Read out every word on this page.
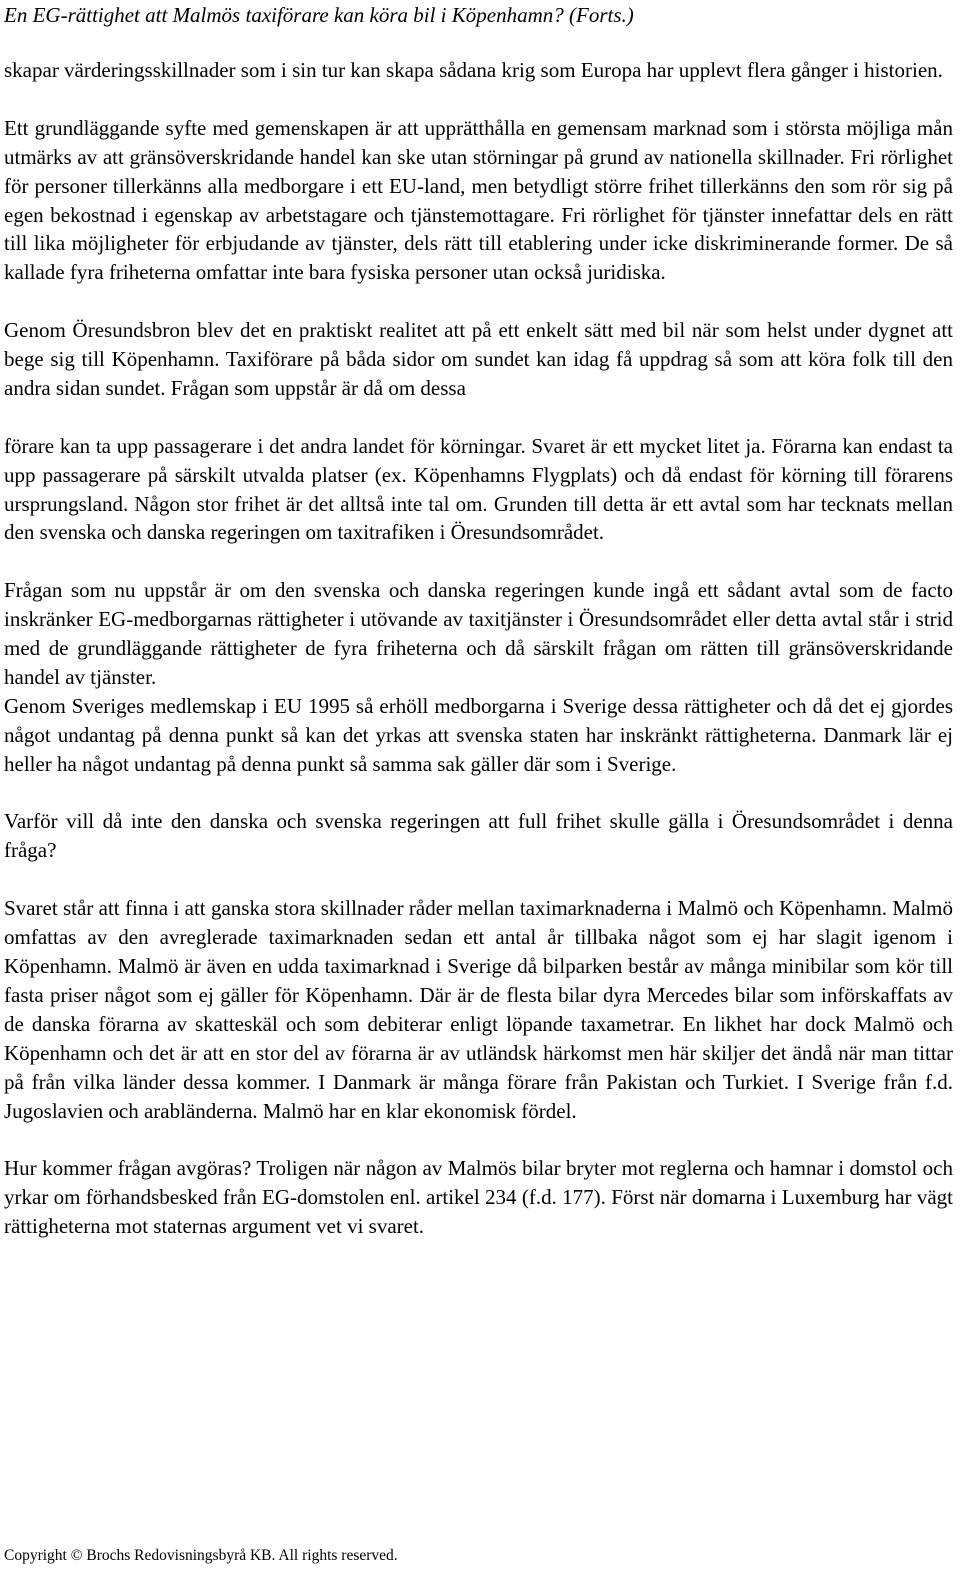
En EG-rättighet att Malmös taxiförare kan köra bil i Köpenhamn? (Forts.)

skapar värderingsskillnader som i sin tur kan skapa sådana krig som Europa har upplevt flera gånger i historien.

Ett grundläggande syfte med gemenskapen är att upprätthålla en gemensam marknad som i största möjliga mån utmärks av att gränsöverskridande handel kan ske utan störningar på grund av nationella skillnader. Fri rörlighet för personer tillerkänns alla medborgare i ett EU-land, men betydligt större frihet tillerkänns den som rör sig på egen bekostnad i egenskap av arbetstagare och tjänstemottagare. Fri rörlighet för tjänster innefattar dels en rätt till lika möjligheter för erbjudande av tjänster, dels rätt till etablering under icke diskriminerande former. De så kallade fyra friheterna omfattar inte bara fysiska personer utan också juridiska.

Genom Öresundsbron blev det en praktiskt realitet att på ett enkelt sätt med bil när som helst under dygnet att bege sig till Köpenhamn. Taxiförare på båda sidor om sundet kan idag få uppdrag så som att köra folk till den andra sidan sundet. Frågan som uppstår är då om dessa

förare kan ta upp passagerare i det andra landet för körningar. Svaret är ett mycket litet ja. Förarna kan endast ta upp passagerare på särskilt utvalda platser (ex. Köpenhamns Flygplats) och då endast för körning till förarens ursprungsland. Någon stor frihet är det alltså inte tal om. Grunden till detta är ett avtal som har tecknats mellan den svenska och danska regeringen om taxitrafiken i Öresundsområdet.

Frågan som nu uppstår är om den svenska och danska regeringen kunde ingå ett sådant avtal som de facto inskränker EG-medborgarnas rättigheter i utövande av taxitjänster i Öresundsområdet eller detta avtal står i strid med de grundläggande rättigheter de fyra friheterna och då särskilt frågan om rätten till gränsöverskridande handel av tjänster.

Genom Sveriges medlemskap i EU 1995 så erhöll medborgarna i Sverige dessa rättigheter och då det ej gjordes något undantag på denna punkt så kan det yrkas att svenska staten har inskränkt rättigheterna. Danmark lär ej heller ha något undantag på denna punkt så samma sak gäller där som i Sverige.

Varför vill då inte den danska och svenska regeringen att full frihet skulle gälla i Öresundsområdet i denna fråga?

Svaret står att finna i att ganska stora skillnader råder mellan taximarknaderna i Malmö och Köpenhamn. Malmö omfattas av den avreglerade taximarknaden sedan ett antal år tillbaka något som ej har slagit igenom i Köpenhamn. Malmö är även en udda taximarknad i Sverige då bilparken består av många minibilar som kör till fasta priser något som ej gäller för Köpenhamn. Där är de flesta bilar dyra Mercedes bilar som införskaffats av de danska förarna av skatteskäl och som debiterar enligt löpande taxametrar. En likhet har dock Malmö och Köpenhamn och det är att en stor del av förarna är av utländsk härkomst men här skiljer det ändå när man tittar på från vilka länder dessa kommer. I Danmark är många förare från Pakistan och Turkiet. I Sverige från f.d. Jugoslavien och arabländerna. Malmö har en klar ekonomisk fördel.

Hur kommer frågan avgöras? Troligen när någon av Malmös bilar bryter mot reglerna och hamnar i domstol och yrkar om förhandsbesked från EG-domstolen enl. artikel 234 (f.d. 177). Först när domarna i Luxemburg har vägt rättigheterna mot staternas argument vet vi svaret.

Copyright © Brochs Redovisningsbyrå KB. All rights reserved.
